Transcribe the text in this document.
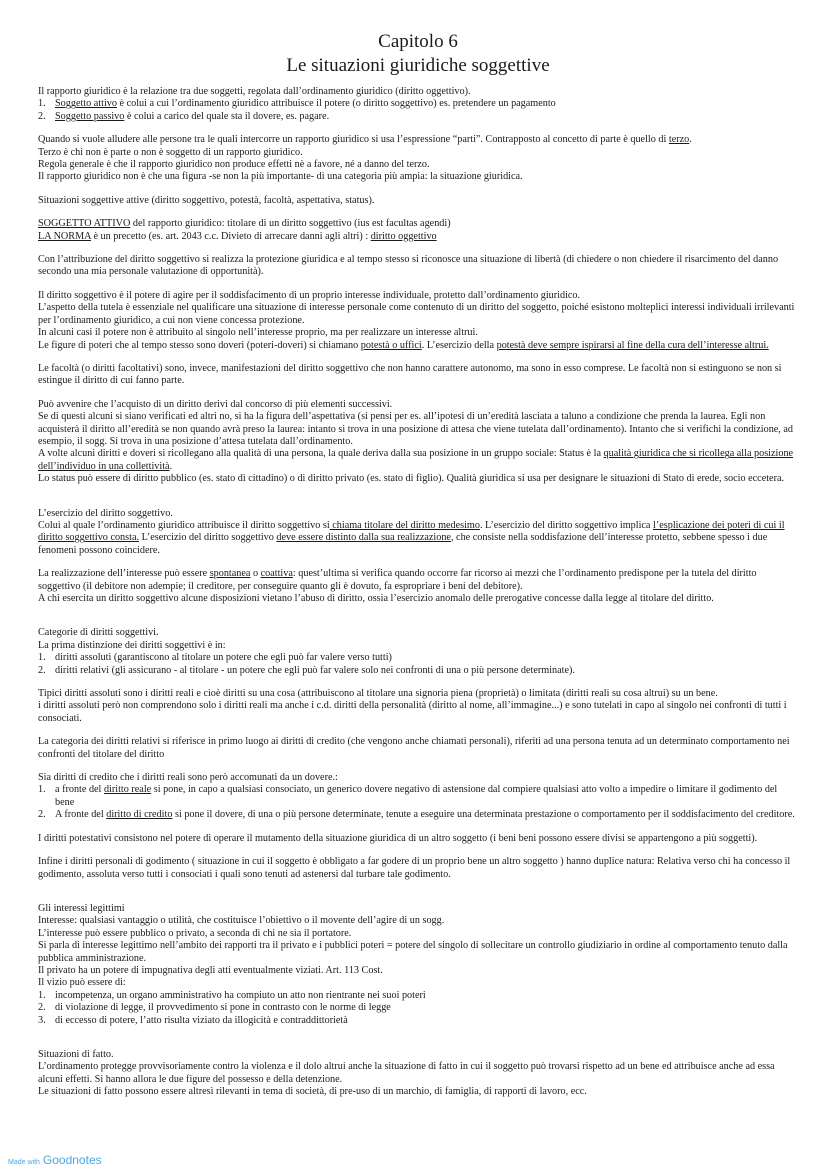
Capitolo 6
Le situazioni giuridiche soggettive

Il rapporto giuridico è la relazione tra due soggetti, regolata dall’ordinamento giuridico (diritto oggettivo).

1. Soggetto attivo è colui a cui l’ordinamento giuridico attribuisce il potere (o diritto soggettivo) es. pretendere un pagamento
2. Soggetto passivo è colui a carico del quale sta il dovere, es. pagare.

Quando si vuole alludere alle persone tra le quali intercorre un rapporto giuridico si usa l’espressione “parti”. Contrapposto al concetto di parte è quello di terzo.

Terzo è chi non è parte o non è soggetto di un rapporto giuridico.

Regola generale è che il rapporto giuridico non produce effetti nè a favore, né a danno del terzo.

Il rapporto giuridico non è che una figura -se non la più importante- di una categoria più ampia: la situazione giuridica.

Situazioni soggettive attive (diritto soggettivo, potestà, facoltà, aspettativa, status).

SOGGETTO ATTIVO del rapporto giuridico: titolare di un diritto soggettivo (ius est facultas agendi)

LA NORMA è un precetto (es. art. 2043 c.c. Divieto di arrecare danni agli altri) : diritto oggettivo

Con l’attribuzione del diritto soggettivo si realizza la protezione giuridica e al tempo stesso si riconosce una situazione di libertà (di chiedere o non chiedere il risarcimento del danno secondo una mia personale valutazione di opportunità).

Il diritto soggettivo è il potere di agire per il soddisfacimento di un proprio interesse individuale, protetto dall’ordinamento giuridico.

L’aspetto della tutela è essenziale nel qualificare una situazione di interesse personale come contenuto di un diritto del soggetto, poiché esistono molteplici interessi individuali irrilevanti per l’ordinamento giuridico, a cui non viene concessa protezione.

In alcuni casi il potere non è attribuito al singolo nell’interesse proprio, ma per realizzare un interesse altrui.

Le figure di poteri che al tempo stesso sono doveri (poteri-doveri) si chiamano potestà o uffici. L’esercizio della potestà deve sempre ispirarsi al fine della cura dell’interesse altrui.

Le facoltà (o diritti facoltativi) sono, invece, manifestazioni del diritto soggettivo che non hanno carattere autonomo, ma sono in esso comprese. Le facoltà non si estinguono se non si estingue il diritto di cui fanno parte.

Può avvenire che l’acquisto di un diritto derivi dal concorso di più elementi successivi.

Se di questi alcuni si siano verificati ed altri no, si ha la figura dell’aspettativa (si pensi per es. all’ipotesi di un’eredità lasciata a taluno a condizione che prenda la laurea. Egli non acquisterà il diritto all’eredità se non quando avrà preso la laurea: intanto si trova in una posizione di attesa che viene tutelata dall’ordinamento). Intanto che si verifichi la condizione, ad esempio, il sogg. Si trova in una posizione d’attesa tutelata dall’ordinamento.

A volte alcuni diritti e doveri si ricollegano alla qualità di una persona, la quale deriva dalla sua posizione in un gruppo sociale: Status è la qualità giuridica che si ricollega alla posizione dell’individuo in una collettività.

Lo status può essere di diritto pubblico (es. stato di cittadino) o di diritto privato (es. stato di figlio). Qualità giuridica si usa per designare le situazioni di Stato di erede, socio eccetera.

L’esercizio del diritto soggettivo.

Colui al quale l’ordinamento giuridico attribuisce il diritto soggettivo si chiama titolare del diritto medesimo. L’esercizio del diritto soggettivo implica l’esplicazione dei poteri di cui il diritto soggettivo consta. L’esercizio del diritto soggettivo deve essere distinto dalla sua realizzazione, che consiste nella soddisfazione dell’interesse protetto, sebbene spesso i due fenomeni possono coincidere.

La realizzazione dell’interesse può essere spontanea o coattiva: quest’ultima si verifica quando occorre far ricorso ai mezzi che l’ordinamento predispone per la tutela del diritto soggettivo (il debitore non adempie; il creditore, per conseguire quanto gli è dovuto, fa espropriare i beni del debitore).

A chi esercita un diritto soggettivo alcune disposizioni vietano l’abuso di diritto, ossia l’esercizio anomalo delle prerogative concesse dalla legge al titolare del diritto.

Categorie di diritti soggettivi.

La prima distinzione dei diritti soggettivi è in:

1. diritti assoluti (garantiscono al titolare un potere che egli può far valere verso tutti)
2. diritti relativi (gli assicurano - al titolare - un potere che egli può far valere solo nei confronti di una o più persone determinate).

Tipici diritti assoluti sono i diritti reali e cioè diritti su una cosa (attribuiscono al titolare una signoria piena (proprietà) o limitata (diritti reali su cosa altrui) su un bene.

i diritti assoluti però non comprendono solo i diritti reali ma anche i c.d. diritti della personalità (diritto al nome, all’immagine...) e sono tutelati in capo al singolo nei confronti di tutti i consociati.

La categoria dei diritti relativi si riferisce in primo luogo ai diritti di credito (che vengono anche chiamati personali), riferiti ad una persona tenuta ad un determinato comportamento nei confronti del titolare del diritto

Sia diritti di credito che i diritti reali sono però accomunati da un dovere.:

1. a fronte del diritto reale si pone, in capo a qualsiasi consociato, un generico dovere negativo di astensione dal compiere qualsiasi atto volto a impedire o limitare il godimento del bene
2. A fronte del diritto di credito si pone il dovere, di una o più persone determinate, tenute a eseguire una determinata prestazione o comportamento per il soddisfacimento del creditore.

I diritti potestativi consistono nel potere di operare il mutamento della situazione giuridica di un altro soggetto (i beni beni possono essere divisi se appartengono a più soggetti).

Infine i diritti personali di godimento ( situazione in cui il soggetto è obbligato a far godere di un proprio bene un altro soggetto ) hanno duplice natura: Relativa verso chi ha concesso il godimento, assoluta verso tutti i consociati i quali sono tenuti ad astenersi dal turbare tale godimento.

Gli interessi legittimi

Interesse: qualsiasi vantaggio o utilità, che costituisce l’obiettivo o il movente dell’agire di un sogg.

L’interesse può essere pubblico o privato, a seconda di chi ne sia il portatore.

Si parla di interesse legittimo nell’ambito dei rapporti tra il privato e i pubblici poteri = potere del singolo di sollecitare un controllo giudiziario in ordine al comportamento tenuto dalla pubblica amministrazione.

Il privato ha un potere di impugnativa degli atti eventualmente viziati. Art. 113 Cost.

Il vizio può essere di:

1. incompetenza, un organo amministrativo ha compiuto un atto non rientrante nei suoi poteri
2. di violazione di legge, il provvedimento si pone in contrasto con le norme di legge
3. di eccesso di potere, l’atto risulta viziato da illogicità e contraddittorietà

Situazioni di fatto.

L’ordinamento protegge provvisoriamente contro la violenza e il dolo altrui anche la situazione di fatto in cui il soggetto può trovarsi rispetto ad un bene ed attribuisce anche ad essa alcuni effetti. Si hanno allora le due figure del possesso e della detenzione.

Le situazioni di fatto possono essere altresì rilevanti in tema di società, di pre-uso di un marchio, di famiglia, di rapporti di lavoro, ecc.

Made with Goodnotes
